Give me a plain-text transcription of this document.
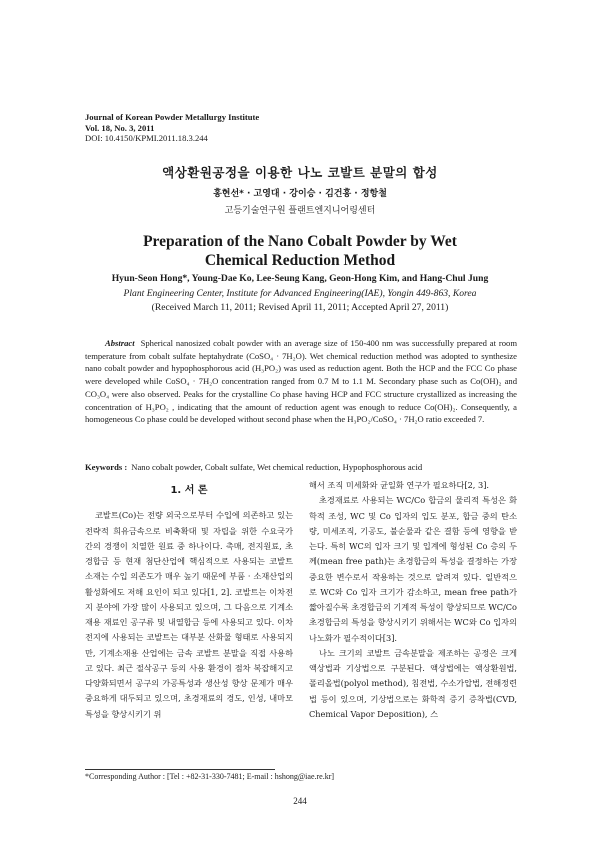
Journal of Korean Powder Metallurgy Institute
Vol. 18, No. 3, 2011
DOI: 10.4150/KPMI.2011.18.3.244
액상환원공정을 이용한 나노 코발트 분말의 합성
홍현선* · 고영대 · 강이승 · 김건홍 · 정항철
고등기술연구원 플랜트엔지니어링센터
Preparation of the Nano Cobalt Powder by Wet
Chemical Reduction Method
Hyun-Seon Hong*, Young-Dae Ko, Lee-Seung Kang, Geon-Hong Kim, and Hang-Chul Jung
Plant Engineering Center, Institute for Advanced Engineering(IAE), Yongin 449-863, Korea
(Received March 11, 2011; Revised April 11, 2011; Accepted April 27, 2011)
Abstract Spherical nanosized cobalt powder with an average size of 150-400 nm was successfully prepared at room temperature from cobalt sulfate heptahydrate (CoSO₄ · 7H₂O). Wet chemical reduction method was adopted to synthesize nano cobalt powder and hypophosphorous acid (H₃PO₂) was used as reduction agent. Both the HCP and the FCC Co phase were developed while CoSO₄ · 7H₂O concentration ranged from 0.7 M to 1.1 M. Secondary phase such as Co(OH)₂ and CO₃O₄ were also observed. Peaks for the crystalline Co phase having HCP and FCC structure crystallized as increasing the concentration of H₃PO₂ , indicating that the amount of reduction agent was enough to reduce Co(OH)₂. Consequently, a homogeneous Co phase could be developed without second phase when the H₃PO₂/CoSO₄ · 7H₂O ratio exceeded 7.
Keywords : Nano cobalt powder, Cobalt sulfate, Wet chemical reduction, Hypophosphorous acid
1. 서 론

코발트(Co)는 전량 외국으로부터 수입에 의존하고 있는 전략적 희유금속으로 비축확대 및 자립을 위한 수요국가 간의 경쟁이 치열한 원료 중 하나이다. 촉매, 전지원료, 초경합금 등 현재 첨단산업에 핵심적으로 사용되는 코발트 소재는 수입 의존도가 매우 높기 때문에 부품 · 소재산업의 활성화에도 저해 요인이 되고 있다[1, 2]. 코발트는 이차전지 분야에 가장 많이 사용되고 있으며, 그 다음으로 기계소재용 재료인 공구류 및 내열합금 등에 사용되고 있다. 이차전지에 사용되는 코발트는 대부분 산화물 형태로 사용되지만, 기계소재용 산업에는 금속 코발트 분말을 직접 사용하고 있다. 최근 절삭공구 등의 사용 환경이 점차 복잡해지고 다양화되면서 공구의 가공특성과 생산성 향상 문제가 매우 중요하게 대두되고 있으며, 초경재료의 경도, 인성, 내마모 특성을 향상시키기 위

해서 조직 미세화와 균일화 연구가 필요하다[2, 3].

초경재료로 사용되는 WC/Co 합금의 물리적 특성은 화학적 조성, WC 및 Co 입자의 입도 분포, 합금 중의 탄소량, 미세조직, 기공도, 불순물과 같은 결함 등에 영향을 받는다. 특히 WC의 입자 크기 및 입계에 형성된 Co 층의 두께(mean free path)는 초경합금의 특성을 결정하는 가장 중요한 변수로서 작용하는 것으로 알려져 있다. 일반적으로 WC와 Co 입자 크기가 감소하고, mean free path가 짧아질수록 초경합금의 기계적 특성이 향상되므로 WC/Co 초경합금의 특성을 향상시키기 위해서는 WC와 Co 입자의 나노화가 필수적이다[3].

나노 크기의 코발트 금속분말을 제조하는 공정은 크게 액상법과 기상법으로 구분된다. 액상법에는 액상환원법, 폴리올법(polyol method), 침전법, 수소가압법, 전해정련법 등이 있으며, 기상법으로는 화학적 증기 증착법(CVD, Chemical Vapor Deposition), 스

*Corresponding Author : [Tel : +82-31-330-7481; E-mail : hshong@iae.re.kr]
244
